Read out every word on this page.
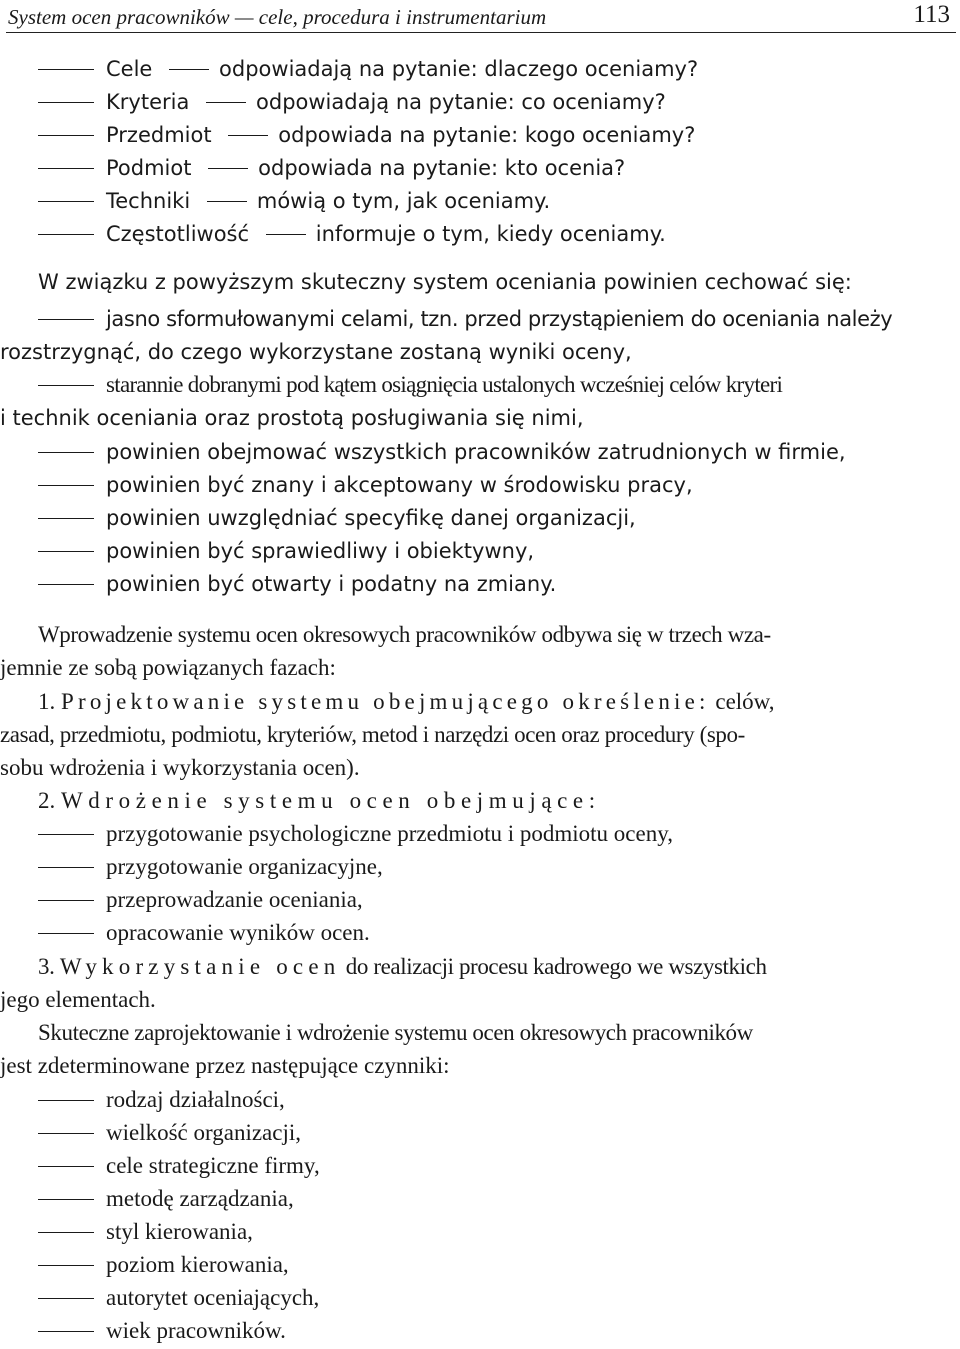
System ocen pracowników — cele, procedura i instrumentarium	113
Cele	odpowiadają na pytanie: dlaczego oceniamy?
Kryteria	odpowiadają na pytanie: co oceniamy?
Przedmiot	odpowiada na pytanie: kogo oceniamy?
Podmiot	odpowiada na pytanie: kto ocenia?
Techniki	mówią o tym, jak oceniamy.
Częstotliwość	informuje o tym, kiedy oceniamy.
W związku z powyższym skuteczny system oceniania powinien cechować się:
jasno sformułowanymi celami, tzn. przed przystąpieniem do oceniania należy
rozstrzygnąć, do czego wykorzystane zostaną wyniki oceny,
starannie dobranymi pod kątem osiągnięcia ustalonych wcześniej celów kryteri
i technik oceniania oraz prostotą posługiwania się nimi,
powinien obejmować wszystkich pracowników zatrudnionych w firmie,
powinien być znany i akceptowany w środowisku pracy,
powinien uwzględniać specyfikę danej organizacji,
powinien być sprawiedliwy i obiektywny,
powinien być otwarty i podatny na zmiany.
Wprowadzenie systemu ocen okresowych pracowników odbywa się w trzech wza-
jemnie ze sobą powiązanych fazach:
1. Projektowanie systemu obejmującego określenie: celów,
zasad, przedmiotu, podmiotu, kryteriów, metod i narzędzi ocen oraz procedury (spo-
sobu wdrożenia i wykorzystania ocen).
2. Wdrożenie systemu ocen obejmujące:
przygotowanie psychologiczne przedmiotu i podmiotu oceny,
przygotowanie organizacyjne,
przeprowadzanie oceniania,
opracowanie wyników ocen.
3. Wykorzystanie ocen do realizacji procesu kadrowego we wszystkich
jego elementach.
Skuteczne zaprojektowanie i wdrożenie systemu ocen okresowych pracowników
jest zdeterminowane przez następujące czynniki:
rodzaj działalności,
wielkość organizacji,
cele strategiczne firmy,
metodę zarządzania,
styl kierowania,
poziom kierowania,
autorytet oceniających,
wiek pracowników.
